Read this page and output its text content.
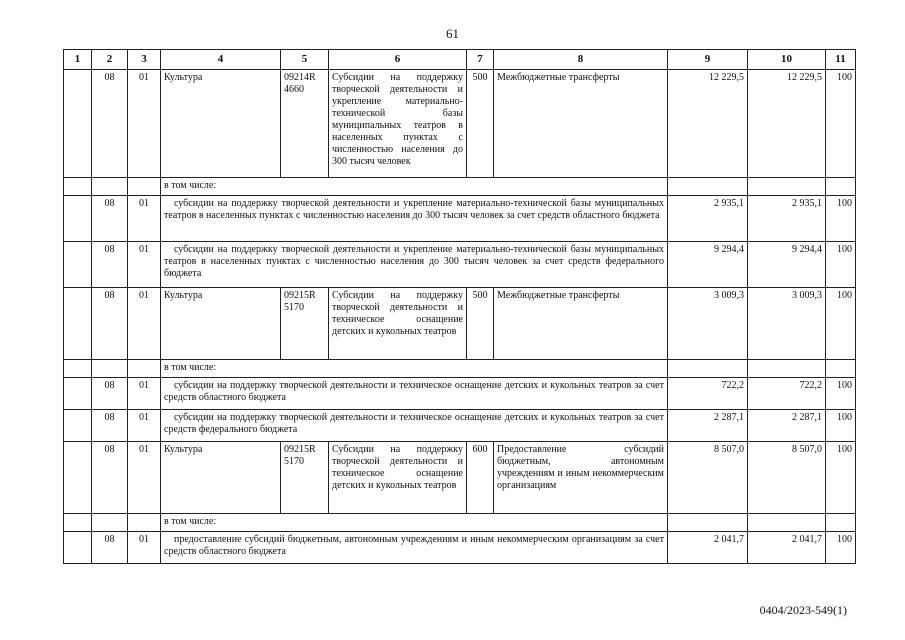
61
1	2	3	4	5	6	7	8	9	10	11
	08	01	Культура	09214R 4660	Субсидии на поддержку творческой деятельности и укрепление материально-технической базы муниципальных театров в населенных пунктах с численностью населения до 300 тысяч человек	500	Межбюджетные трансферты	12 229,5	12 229,5	100
			в том числе:							
	08	01	субсидии на поддержку творческой деятельности и укрепление материально-технической базы муниципальных театров в населенных пунктах с численностью населения до 300 тысяч человек за счет средств областного бюджета					2 935,1	2 935,1	100
	08	01	субсидии на поддержку творческой деятельности и укрепление материально-технической базы муниципальных театров в населенных пунктах с численностью населения до 300 тысяч человек за счет средств федерального бюджета					9 294,4	9 294,4	100
	08	01	Культура	09215R 5170	Субсидии на поддержку творческой деятельности и техническое оснащение детских и кукольных театров	500	Межбюджетные трансферты	3 009,3	3 009,3	100
			в том числе:							
	08	01	субсидии на поддержку творческой деятельности и техническое оснащение детских и кукольных театров за счет средств областного бюджета					722,2	722,2	100
	08	01	субсидии на поддержку творческой деятельности и техническое оснащение детских и кукольных театров за счет средств федерального бюджета					2 287,1	2 287,1	100
	08	01	Культура	09215R 5170	Субсидии на поддержку творческой деятельности и техническое оснащение детских и кукольных театров	600	Предоставление субсидий бюджетным, автономным учреждениям и иным некоммерческим организациям	8 507,0	8 507,0	100
			в том числе:							
	08	01	предоставление субсидий бюджетным, автономным учреждениям и иным некоммерческим организациям за счет средств областного бюджета					2 041,7	2 041,7	100
0404/2023-549(1)
